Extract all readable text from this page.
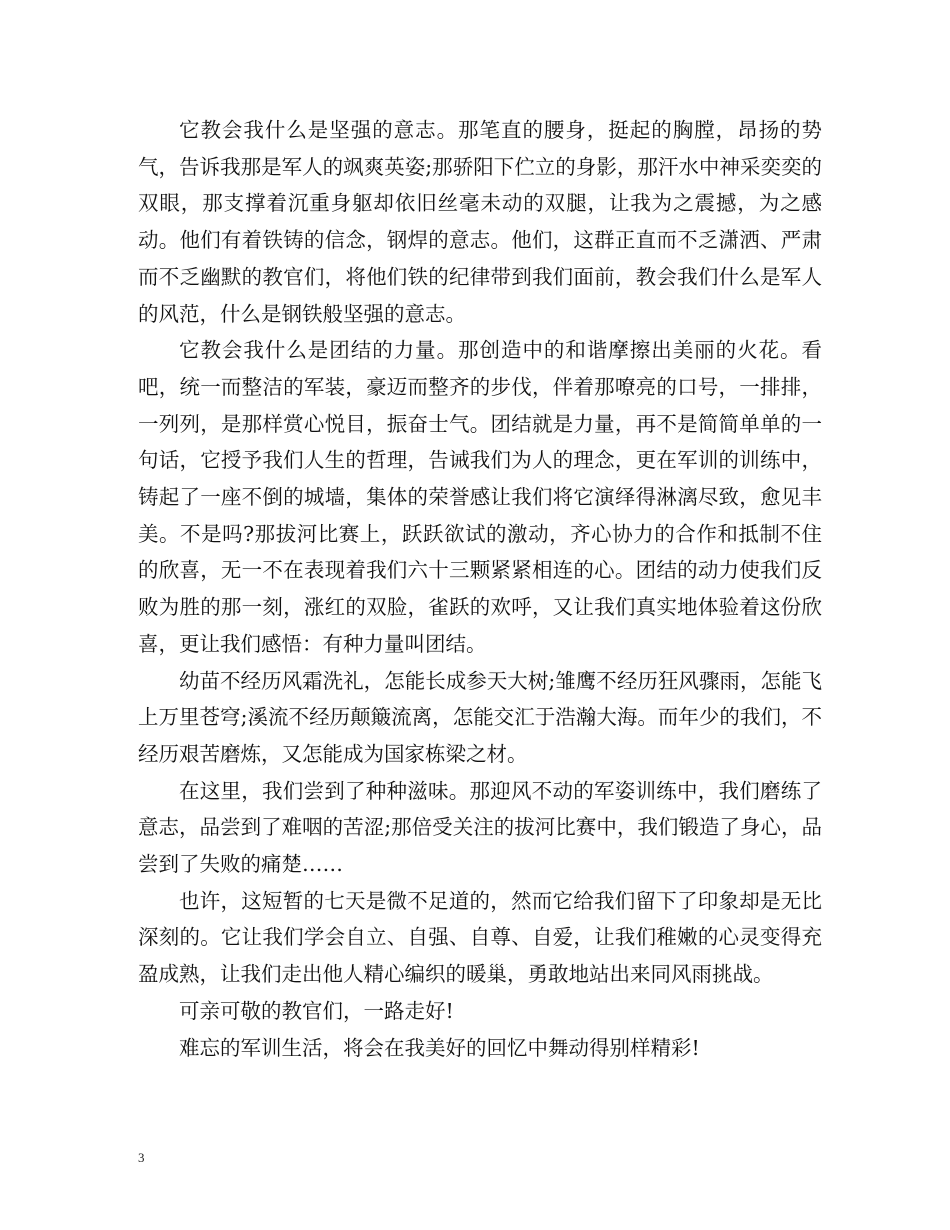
它教会我什么是坚强的意志。那笔直的腰身，挺起的胸膛，昂扬的势气，告诉我那是军人的飒爽英姿;那骄阳下伫立的身影，那汗水中神采奕奕的双眼，那支撑着沉重身躯却依旧丝毫未动的双腿，让我为之震撼，为之感动。他们有着铁铸的信念，钢焊的意志。他们，这群正直而不乏潇洒、严肃而不乏幽默的教官们，将他们铁的纪律带到我们面前，教会我们什么是军人的风范，什么是钢铁般坚强的意志。

它教会我什么是团结的力量。那创造中的和谐摩擦出美丽的火花。看吧，统一而整洁的军装，豪迈而整齐的步伐，伴着那嘹亮的口号，一排排，一列列，是那样赏心悦目，振奋士气。团结就是力量，再不是简简单单的一句话，它授予我们人生的哲理，告诫我们为人的理念，更在军训的训练中，铸起了一座不倒的城墙，集体的荣誉感让我们将它演绎得淋漓尽致，愈见丰美。不是吗?那拔河比赛上，跃跃欲试的激动，齐心协力的合作和抵制不住的欣喜，无一不在表现着我们六十三颗紧紧相连的心。团结的动力使我们反败为胜的那一刻，涨红的双脸，雀跃的欢呼，又让我们真实地体验着这份欣喜，更让我们感悟：有种力量叫团结。

幼苗不经历风霜洗礼，怎能长成参天大树;雏鹰不经历狂风骤雨，怎能飞上万里苍穹;溪流不经历颠簸流离，怎能交汇于浩瀚大海。而年少的我们，不经历艰苦磨炼，又怎能成为国家栋梁之材。

在这里，我们尝到了种种滋味。那迎风不动的军姿训练中，我们磨练了意志，品尝到了难咽的苦涩;那倍受关注的拔河比赛中，我们锻造了身心，品尝到了失败的痛楚……

也许，这短暂的七天是微不足道的，然而它给我们留下了印象却是无比深刻的。它让我们学会自立、自强、自尊、自爱，让我们稚嫩的心灵变得充盈成熟，让我们走出他人精心编织的暖巢，勇敢地站出来同风雨挑战。

可亲可敬的教官们，一路走好!

难忘的军训生活，将会在我美好的回忆中舞动得别样精彩!

3
